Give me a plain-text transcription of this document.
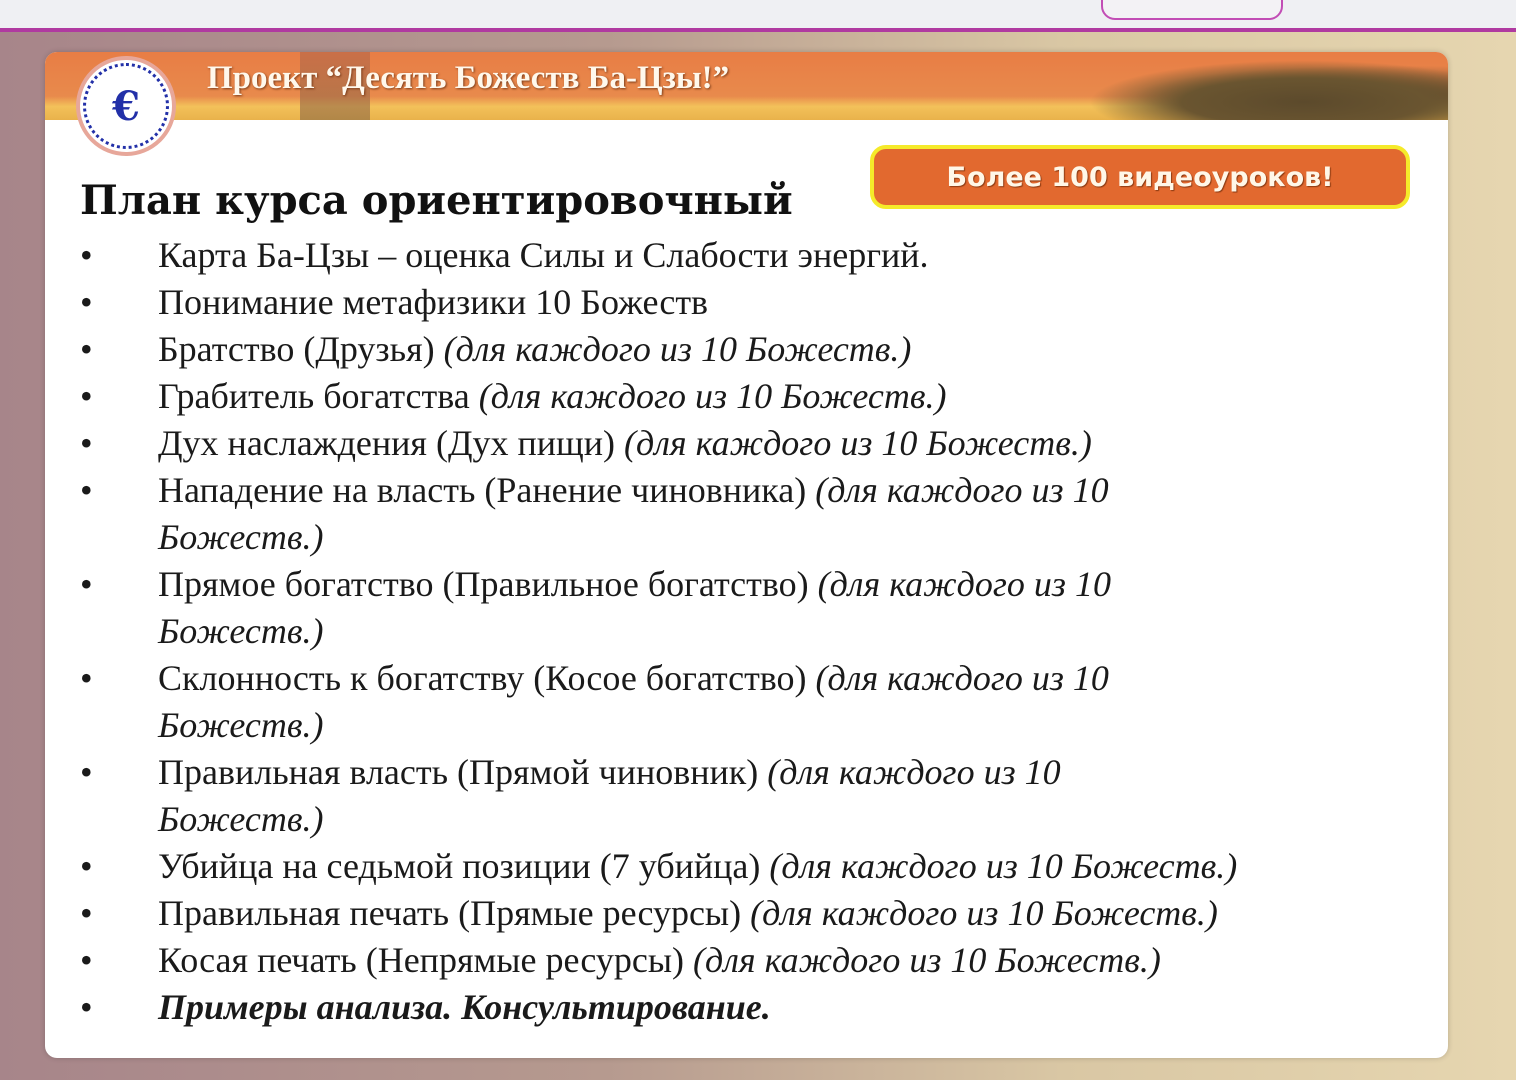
Проект “Десять Божеств Ба-Цзы!”
€
Более 100 видеоуроков!
План курса ориентировочный
• Карта Ба-Цзы – оценка Силы и Слабости энергий.
• Понимание метафизики 10 Божеств
• Братство (Друзья) (для каждого из 10 Божеств.)
• Грабитель богатства (для каждого из 10 Божеств.)
• Дух наслаждения (Дух пищи) (для каждого из 10 Божеств.)
• Нападение на власть (Ранение чиновника) (для каждого из 10
Божеств.)
• Прямое богатство (Правильное богатство) (для каждого из 10
Божеств.)
• Склонность к богатству (Косое богатство) (для каждого из 10
Божеств.)
• Правильная власть (Прямой чиновник) (для каждого из 10
Божеств.)
• Убийца на седьмой позиции (7 убийца) (для каждого из 10 Божеств.)
• Правильная печать (Прямые ресурсы) (для каждого из 10 Божеств.)
• Косая печать (Непрямые ресурсы) (для каждого из 10 Божеств.)
• Примеры анализа. Консультирование.
